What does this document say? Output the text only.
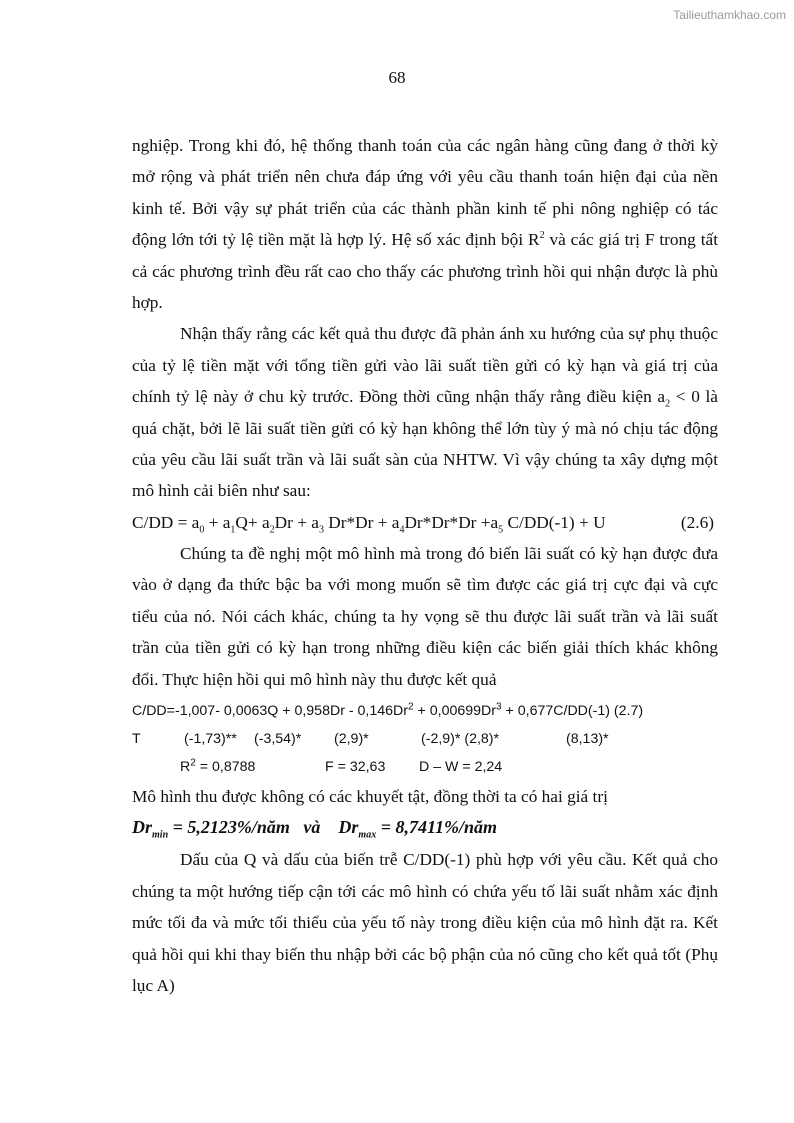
Tailieuthamkhao.com
68

nghiệp. Trong khi đó, hệ thống thanh toán của các ngân hàng cũng đang ở thời kỳ mở rộng và phát triển nên chưa đáp ứng với yêu cầu thanh toán hiện đại của nền kinh tế. Bởi vậy sự phát triển của các thành phần kinh tế phi nông nghiệp có tác động lớn tới tỷ lệ tiền mặt là hợp lý. Hệ số xác định bội $R^2$ và các giá trị F trong tất cả các phương trình đều rất cao cho thấy các phương trình hồi qui nhận được là phù hợp.

Nhận thấy rằng các kết quả thu được đã phản ánh xu hướng của sự phụ thuộc của tỷ lệ tiền mặt với tổng tiền gửi vào lãi suất tiền gửi có kỳ hạn và giá trị của chính tỷ lệ này ở chu kỳ trước. Đồng thời cũng nhận thấy rằng điều kiện $a_2 < 0$ là quá chặt, bởi lẽ lãi suất tiền gửi có kỳ hạn không thể lớn tùy ý mà nó chịu tác động của yêu cầu lãi suất trần và lãi suất sàn của NHTW. Vì vậy chúng ta xây dựng một mô hình cải biên như sau:

$C/DD = a_0 + a_1Q+ a_2Dr + a_3$ $Dr*Dr + a_4Dr*Dr*Dr +a_5$ C/DD(-1) + U	(2.6)

Chúng ta đề nghị một mô hình mà trong đó biến lãi suất có kỳ hạn được đưa vào ở dạng đa thức bậc ba với mong muốn sẽ tìm được các giá trị cực đại và cực tiểu của nó. Nói cách khác, chúng ta hy vọng sẽ thu được lãi suất trần và lãi suất trần của tiền gửi có kỳ hạn trong những điều kiện các biến giải thích khác không đổi. Thực hiện hồi qui mô hình này thu được kết quả

C/DD=-1,007- $0,0063Q + 0,958Dr - 0,146Dr^2 + 0,00699Dr^3 + 0,677C/DD(-1)$ (2.7)
T	(-1,73)** (-3,54)* (2,9)*	(-2,9)* (2,8)*	(8,13)*
$R^2 = 0,8788$	F = 32,63 D – W = 2,24

Mô hình thu được không có các khuyết tật, đồng thời ta có hai giá trị

$Dr_{min}$ = 5,2123%/năm   và    $Dr_{max}$ = 8,7411%/năm

Dấu của Q và dấu của biến trễ C/DD(-1) phù hợp với yêu cầu. Kết quả cho chúng ta một hướng tiếp cận tới các mô hình có chứa yếu tố lãi suất nhằm xác định mức tối đa và mức tối thiểu của yếu tố này trong điều kiện của mô hình đặt ra. Kết quả hồi qui khi thay biến thu nhập bởi các bộ phận của nó cũng cho kết quả tốt (Phụ lục A)
